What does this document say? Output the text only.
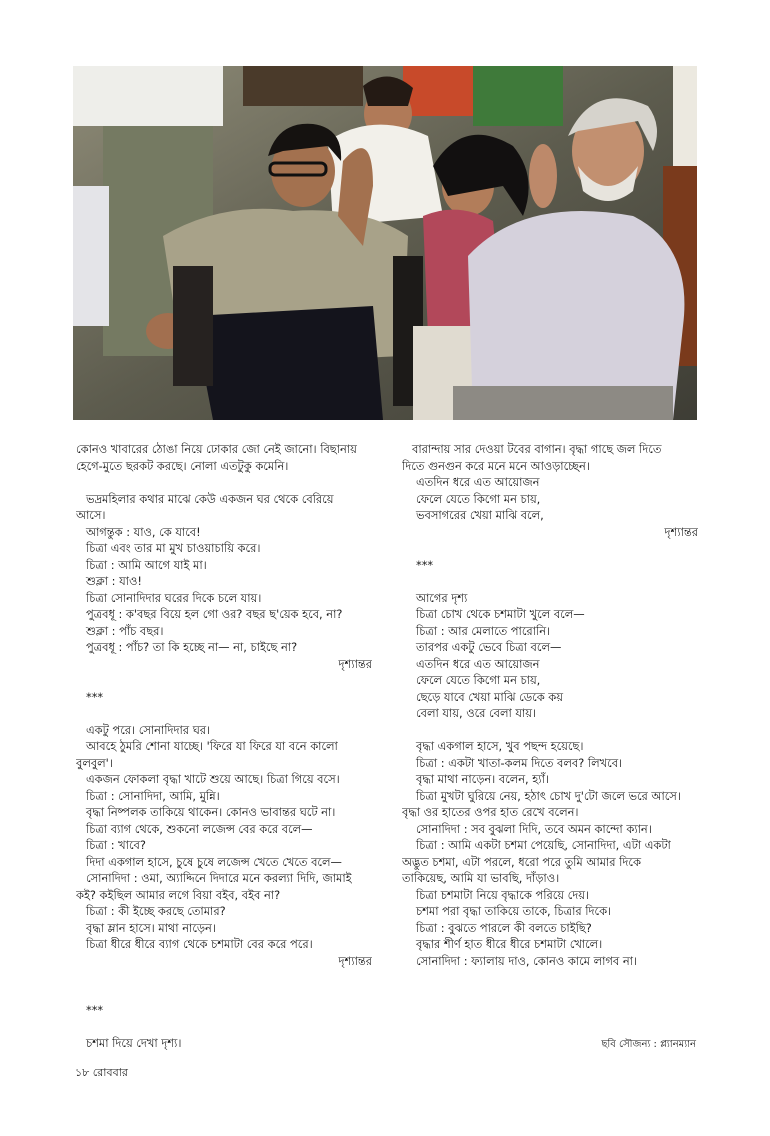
কোনও খাবারের ঠোঙা নিয়ে ঢোকার জো নেই জানো। বিছানায়
হেগে-মুতে ছরকট করছে। নোলা এতটুকু কমেনি।
ভদ্রমহিলার কথার মাঝে কেউ একজন ঘর থেকে বেরিয়ে
আসে।
আগন্তুক : যাও, কে যাবে!
চিত্রা এবং তার মা মুখ চাওয়াচায়ি করে।
চিত্রা : আমি আগে যাই মা।
শুক্লা : যাও!
চিত্রা সোনাদিদার ঘরের দিকে চলে যায়।
পুত্রবধূ : ক'বছর বিয়ে হল গো ওর? বছর ছ'য়েক হবে, না?
শুক্লা : পাঁচ বছর।
পুত্রবধূ : পাঁচ? তা কি হচ্ছে না— না, চাইছে না?
দৃশ্যান্তর
***
একটু পরে। সোনাদিদার ঘর।
আবহে ঠুমরি শোনা যাচ্ছে। 'ফিরে যা ফিরে যা বনে কালো
বুলবুল'।
একজন ফোকলা বৃদ্ধা খাটে শুয়ে আছে। চিত্রা গিয়ে বসে।
চিত্রা : সোনাদিদা, আমি, মুন্নি।
বৃদ্ধা নিষ্পলক তাকিয়ে থাকেন। কোনও ভাবান্তর ঘটে না।
চিত্রা ব্যাগ থেকে, শুকনো লজেন্স বের করে বলে—
চিত্রা : খাবে?
দিদা একগাল হাসে, চুষে চুষে লজেন্স খেতে খেতে বলে—
সোনাদিদা : ওমা, অ্যাদ্দিনে দিদারে মনে করল্যা দিদি, জামাই
কই? কইছিল আমার লগে বিয়া বইব, বইব না?
চিত্রা : কী ইচ্ছে করছে তোমার?
বৃদ্ধা ম্লান হাসে। মাথা নাড়েন।
চিত্রা ধীরে ধীরে ব্যাগ থেকে চশমাটা বের করে পরে।
দৃশ্যান্তর
***
চশমা দিয়ে দেখা দৃশ্য।
বারান্দায় সার দেওয়া টবের বাগান। বৃদ্ধা গাছে জল দিতে
দিতে গুনগুন করে মনে মনে আওড়াচ্ছেন।
এতদিন ধরে এত আয়োজন
ফেলে যেতে কিগো মন চায়,
ভবসাগরের খেয়া মাঝি বলে,
দৃশ্যান্তর
***
আগের দৃশ্য
চিত্রা চোখ থেকে চশমাটা খুলে বলে—
চিত্রা : আর মেলাতে পারোনি।
তারপর একটু ভেবে চিত্রা বলে—
এতদিন ধরে এত আয়োজন
ফেলে যেতে কিগো মন চায়,
ছেড়ে যাবে খেয়া মাঝি ডেকে কয়
বেলা যায়, ওরে বেলা যায়।
বৃদ্ধা একগাল হাসে, খুব পছন্দ হয়েছে।
চিত্রা : একটা খাতা-কলম দিতে বলব? লিখবে।
বৃদ্ধা মাথা নাড়েন। বলেন, হ্যাঁ।
চিত্রা মুখটা ঘুরিয়ে নেয়, হঠাৎ চোখ দু'টো জলে ভরে আসে।
বৃদ্ধা ওর হাতের ওপর হাত রেখে বলেন।
সোনাদিদা : সব বুঝলা দিদি, তবে অমন কান্দো ক্যান।
চিত্রা : আমি একটা চশমা পেয়েছি, সোনাদিদা, এটা একটা
অদ্ভুত চশমা, এটা পরলে, ধরো পরে তুমি আমার দিকে
তাকিয়েছ, আমি যা ভাবছি, দাঁড়াও।
চিত্রা চশমাটা নিয়ে বৃদ্ধাকে পরিয়ে দেয়।
চশমা পরা বৃদ্ধা তাকিয়ে তাকে, চিত্রার দিকে।
চিত্রা : বুঝতে পারলে কী বলতে চাইছি?
বৃদ্ধার শীর্ণ হাত ধীরে ধীরে চশমাটা খোলে।
সোনাদিদা : ফ্যালায় দাও, কোনও কামে লাগব না।
ছবি সৌজন্য : প্ল্যানম্যান
১৮ রোববার
